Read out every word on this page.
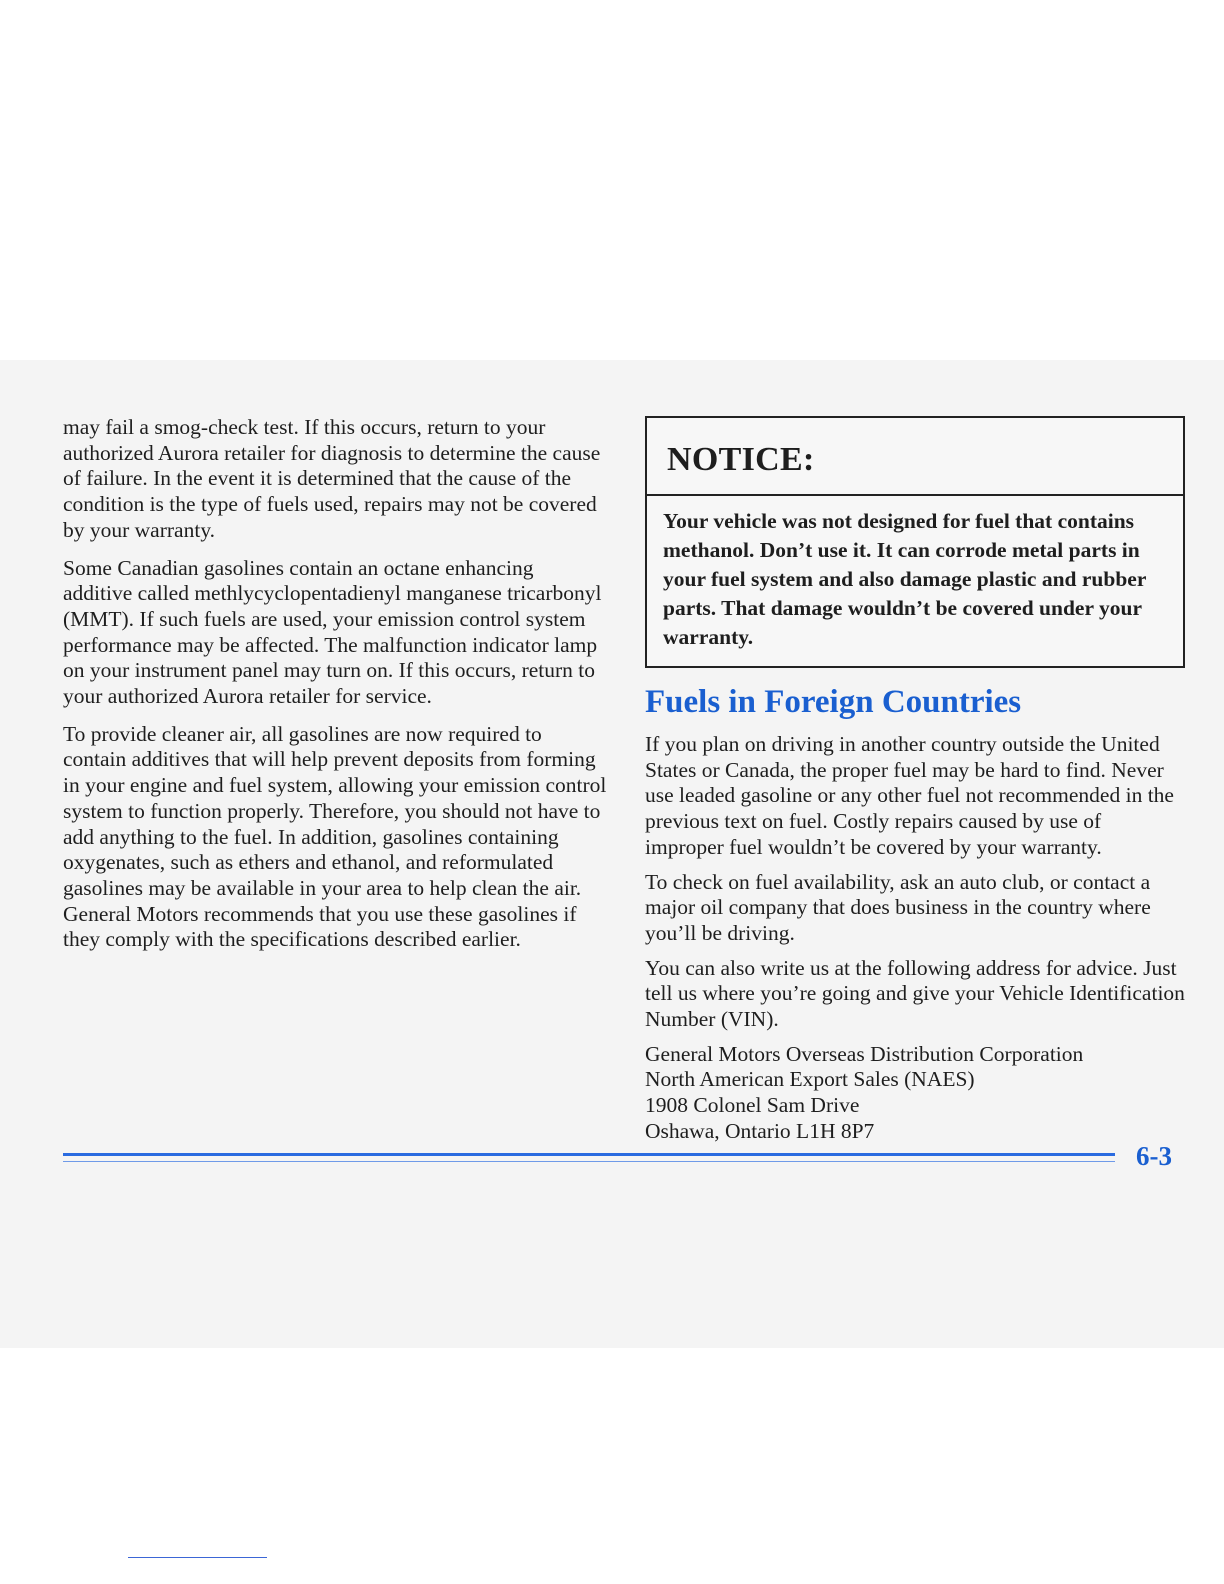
may fail a smog-check test. If this occurs, return to your authorized Aurora retailer for diagnosis to determine the cause of failure. In the event it is determined that the cause of the condition is the type of fuels used, repairs may not be covered by your warranty.

Some Canadian gasolines contain an octane enhancing additive called methlycyclopentadienyl manganese tricarbonyl (MMT). If such fuels are used, your emission control system performance may be affected. The malfunction indicator lamp on your instrument panel may turn on. If this occurs, return to your authorized Aurora retailer for service.

To provide cleaner air, all gasolines are now required to contain additives that will help prevent deposits from forming in your engine and fuel system, allowing your emission control system to function properly. Therefore, you should not have to add anything to the fuel. In addition, gasolines containing oxygenates, such as ethers and ethanol, and reformulated gasolines may be available in your area to help clean the air. General Motors recommends that you use these gasolines if they comply with the specifications described earlier.

NOTICE:
Your vehicle was not designed for fuel that contains methanol. Don’t use it. It can corrode metal parts in your fuel system and also damage plastic and rubber parts. That damage wouldn’t be covered under your warranty.
Fuels in Foreign Countries

If you plan on driving in another country outside the United States or Canada, the proper fuel may be hard to find. Never use leaded gasoline or any other fuel not recommended in the previous text on fuel. Costly repairs caused by use of improper fuel wouldn’t be covered by your warranty.

To check on fuel availability, ask an auto club, or contact a major oil company that does business in the country where you’ll be driving.

You can also write us at the following address for advice. Just tell us where you’re going and give your Vehicle Identification Number (VIN).

General Motors Overseas Distribution Corporation
North American Export Sales (NAES)
1908 Colonel Sam Drive
Oshawa, Ontario L1H 8P7

6-3
